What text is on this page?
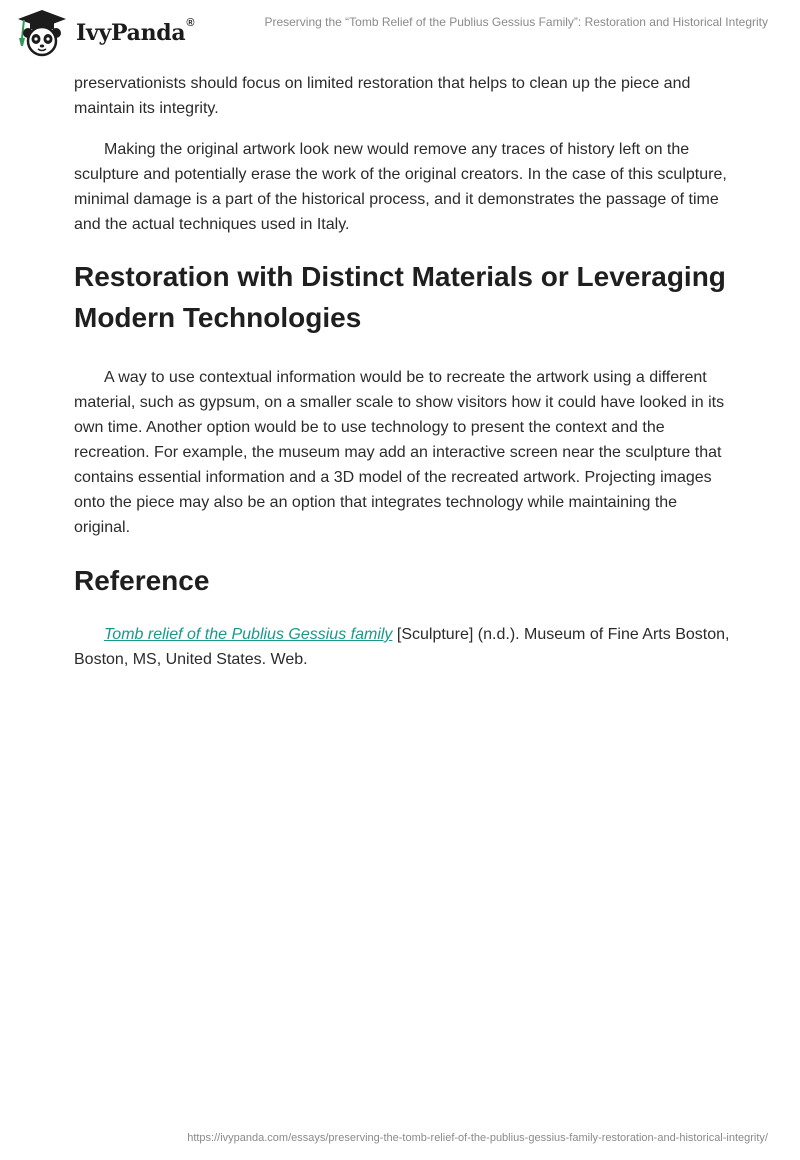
IvyPanda®	Preserving the “Tomb Relief of the Publius Gessius Family”: Restoration and Historical Integrity

preservationists should focus on limited restoration that helps to clean up the piece and maintain its integrity.

Making the original artwork look new would remove any traces of history left on the sculpture and potentially erase the work of the original creators. In the case of this sculpture, minimal damage is a part of the historical process, and it demonstrates the passage of time and the actual techniques used in Italy.

Restoration with Distinct Materials or Leveraging Modern Technologies

A way to use contextual information would be to recreate the artwork using a different material, such as gypsum, on a smaller scale to show visitors how it could have looked in its own time. Another option would be to use technology to present the context and the recreation. For example, the museum may add an interactive screen near the sculpture that contains essential information and a 3D model of the recreated artwork. Projecting images onto the piece may also be an option that integrates technology while maintaining the original.

Reference

Tomb relief of the Publius Gessius family [Sculpture] (n.d.). Museum of Fine Arts Boston, Boston, MS, United States. Web.

https://ivypanda.com/essays/preserving-the-tomb-relief-of-the-publius-gessius-family-restoration-and-historical-integrity/
